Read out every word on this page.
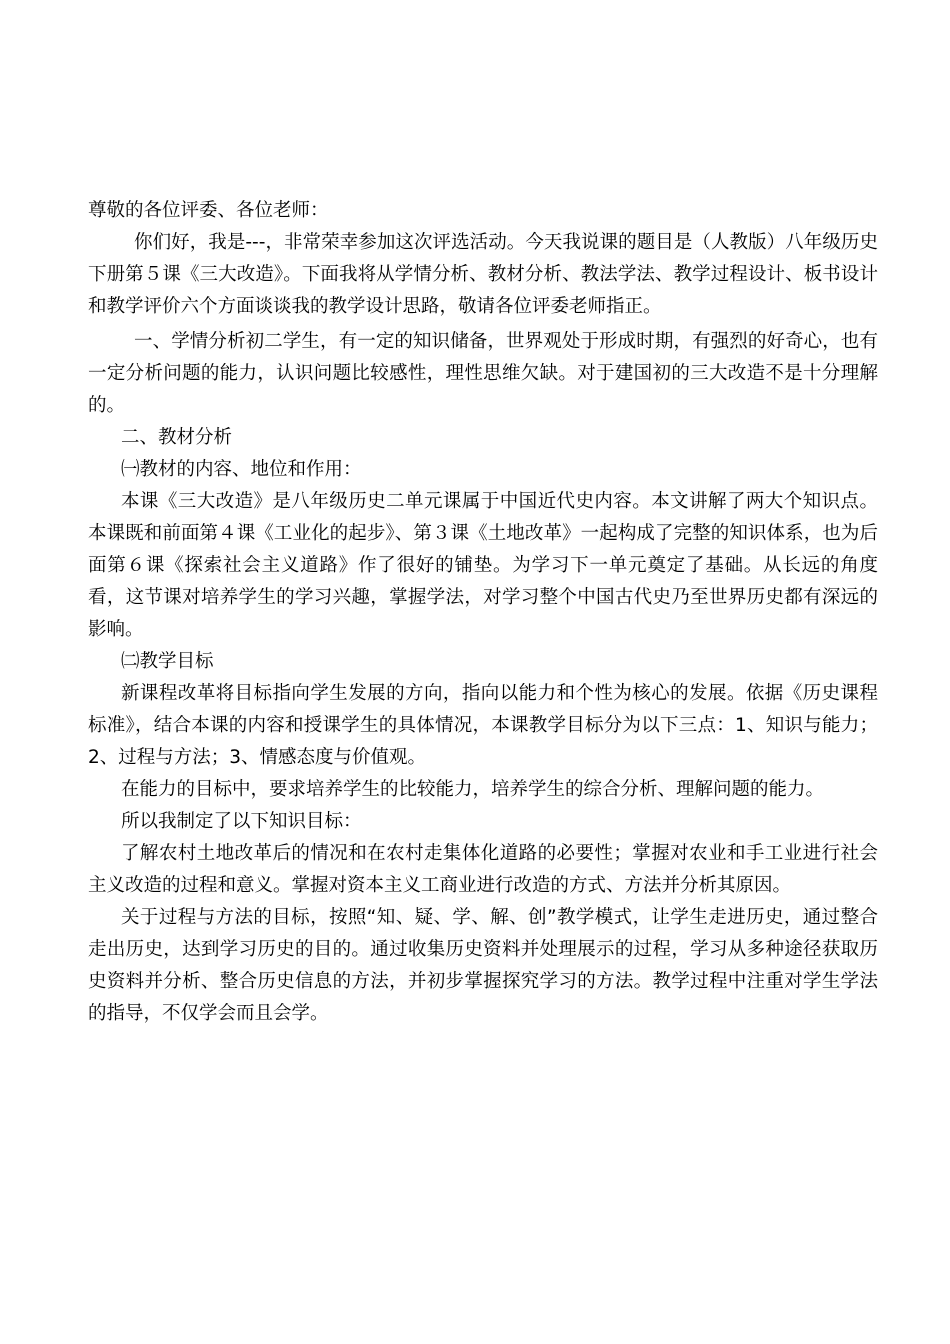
尊敬的各位评委、各位老师：

你们好，我是---，非常荣幸参加这次评选活动。今天我说课的题目是（人教版）八年级历史下册第５课《三大改造》。下面我将从学情分析、教材分析、教法学法、教学过程设计、板书设计和教学评价六个方面谈谈我的教学设计思路，敬请各位评委老师指正。

一、学情分析初二学生，有一定的知识储备，世界观处于形成时期，有强烈的好奇心，也有一定分析问题的能力，认识问题比较感性，理性思维欠缺。对于建国初的三大改造不是十分理解的。

二、教材分析

㈠教材的内容、地位和作用：

本课《三大改造》是八年级历史二单元课属于中国近代史内容。本文讲解了两大个知识点。本课既和前面第４课《工业化的起步》、第３课《土地改革》一起构成了完整的知识体系，也为后面第６课《探索社会主义道路》作了很好的铺垫。为学习下一单元奠定了基础。从长远的角度看，这节课对培养学生的学习兴趣，掌握学法，对学习整个中国古代史乃至世界历史都有深远的影响。

㈡教学目标

新课程改革将目标指向学生发展的方向，指向以能力和个性为核心的发展。依据《历史课程标准》，结合本课的内容和授课学生的具体情况，本课教学目标分为以下三点：1、知识与能力；2、过程与方法；3、情感态度与价值观。

在能力的目标中，要求培养学生的比较能力，培养学生的综合分析、理解问题的能力。

所以我制定了以下知识目标：

了解农村土地改革后的情况和在农村走集体化道路的必要性；掌握对农业和手工业进行社会主义改造的过程和意义。掌握对资本主义工商业进行改造的方式、方法并分析其原因。

关于过程与方法的目标，按照“知、疑、学、解、创”教学模式，让学生走进历史，通过整合走出历史，达到学习历史的目的。通过收集历史资料并处理展示的过程，学习从多种途径获取历史资料并分析、整合历史信息的方法，并初步掌握探究学习的方法。教学过程中注重对学生学法的指导，不仅学会而且会学。
